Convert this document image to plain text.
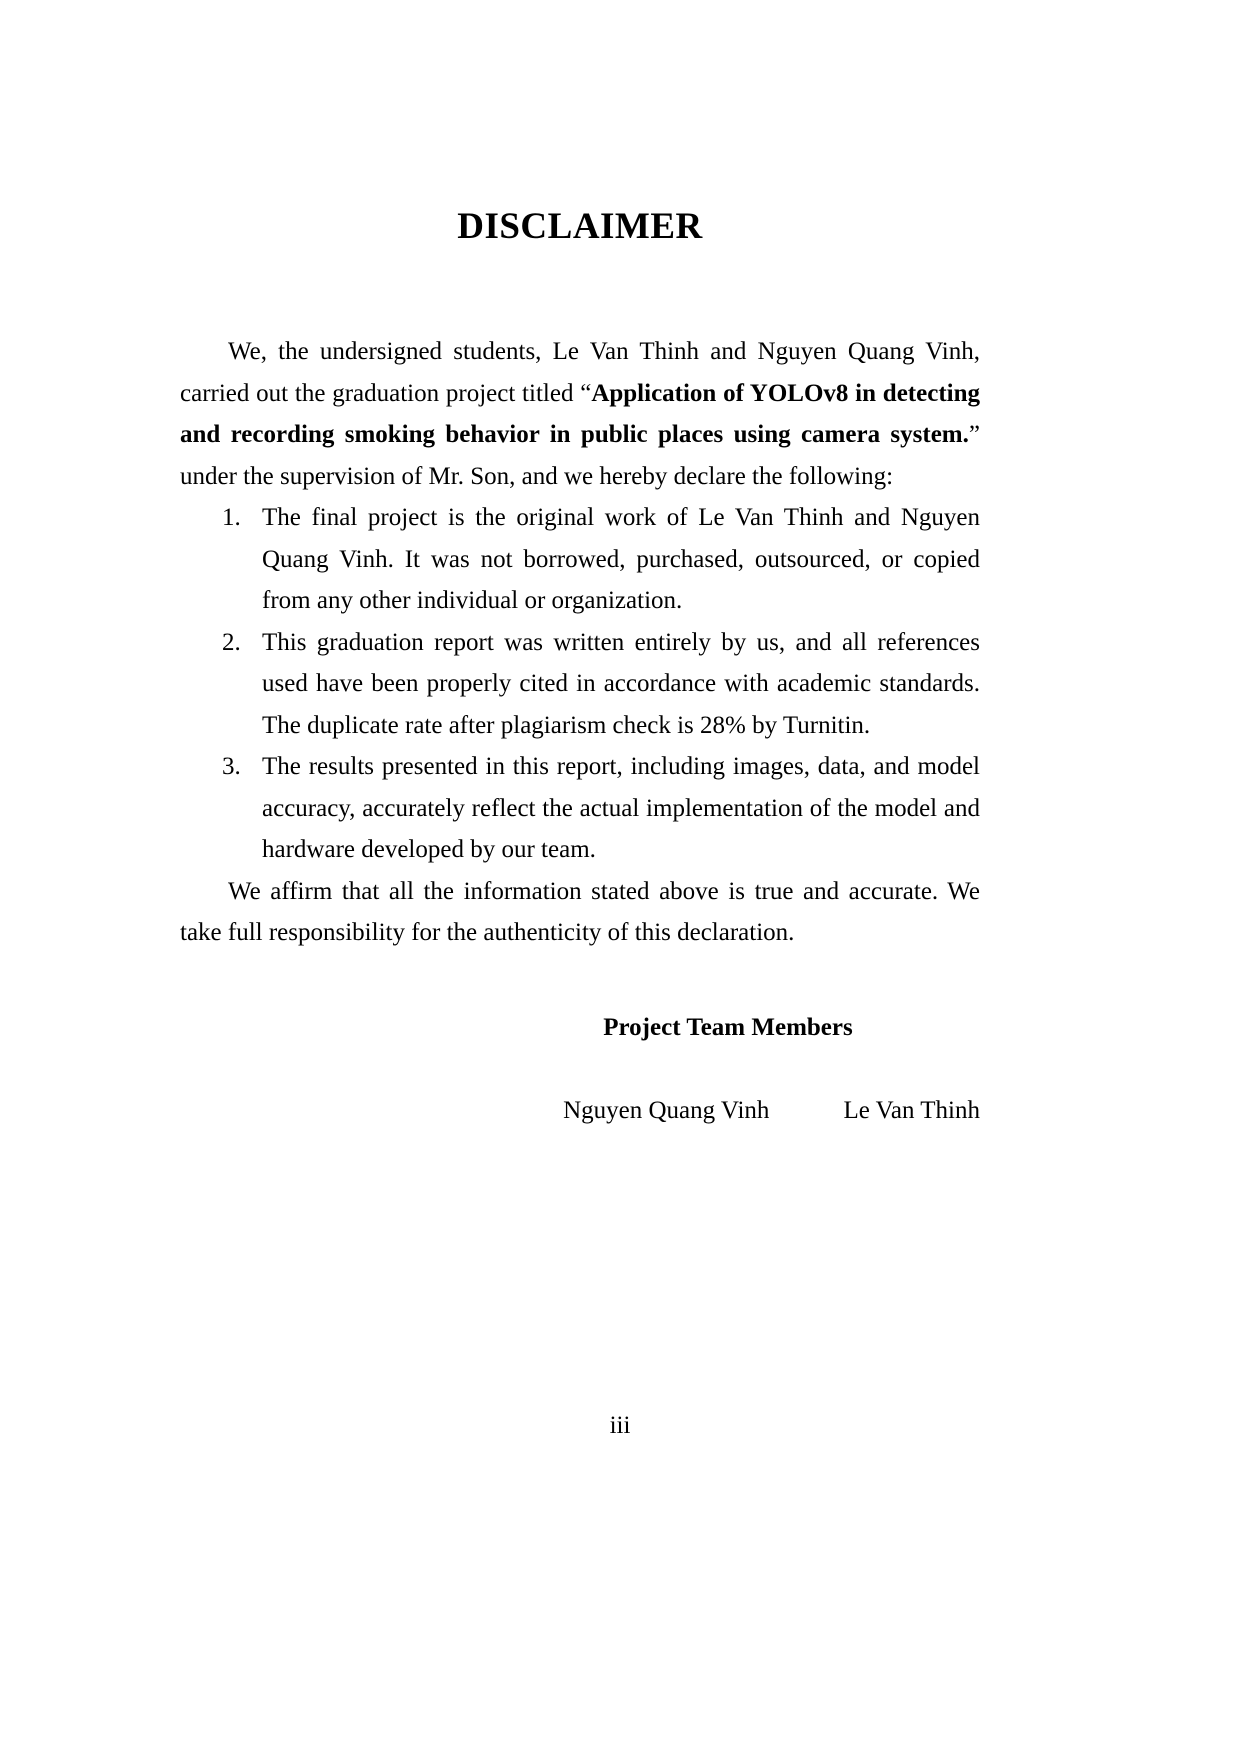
DISCLAIMER

We, the undersigned students, Le Van Thinh and Nguyen Quang Vinh, carried out the graduation project titled “Application of YOLOv8 in detecting and recording smoking behavior in public places using camera system.” under the supervision of Mr. Son, and we hereby declare the following:

1. The final project is the original work of Le Van Thinh and Nguyen Quang Vinh. It was not borrowed, purchased, outsourced, or copied from any other individual or organization.
2. This graduation report was written entirely by us, and all references used have been properly cited in accordance with academic standards. The duplicate rate after plagiarism check is 28% by Turnitin.
3. The results presented in this report, including images, data, and model accuracy, accurately reflect the actual implementation of the model and hardware developed by our team.

We affirm that all the information stated above is true and accurate. We take full responsibility for the authenticity of this declaration.

Project Team Members

Nguyen Quang Vinh	Le Van Thinh
iii
